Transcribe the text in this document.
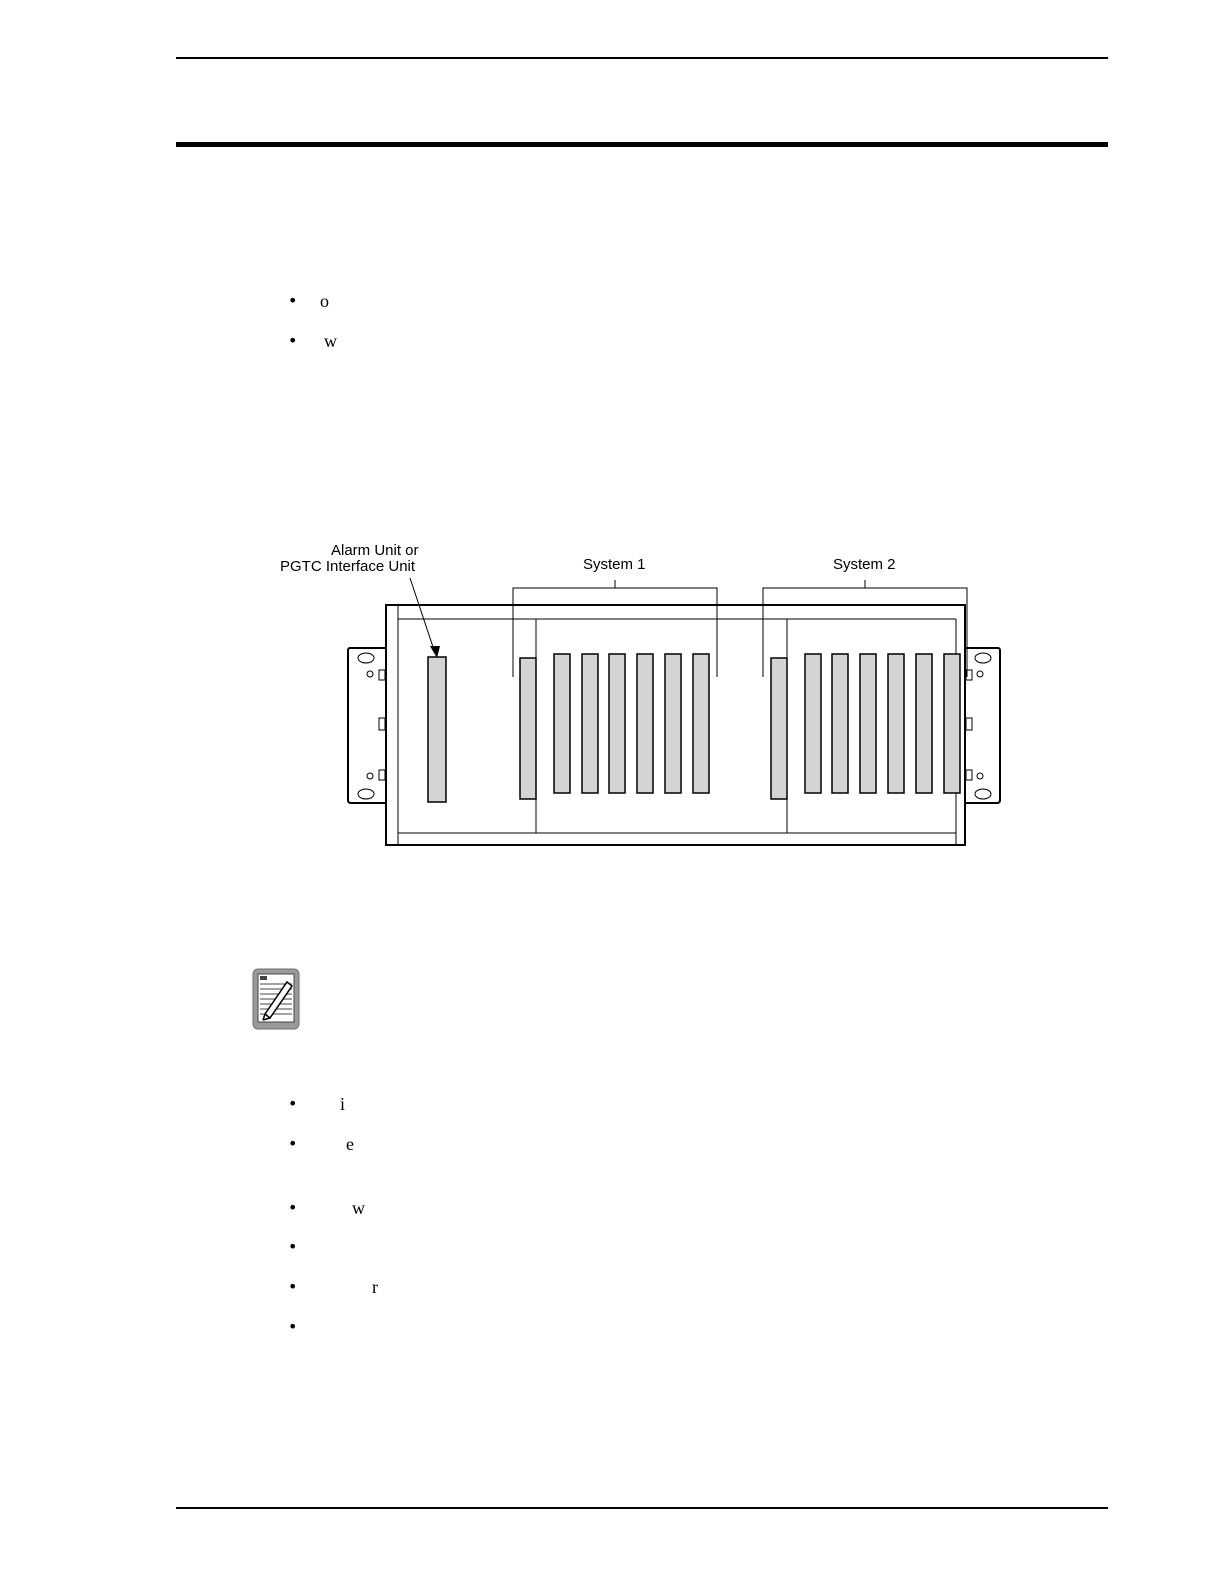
• o
• w
Alarm Unit or
PGTC Interface Unit	System 1	System 2
• i
•	e
•	w
•
•	r
•
